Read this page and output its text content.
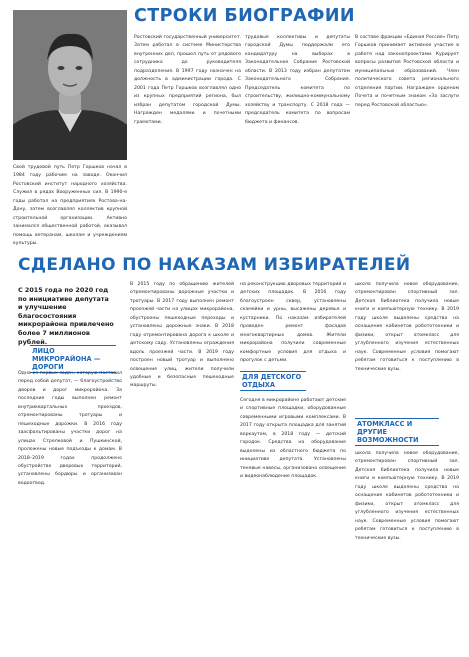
СТРОКИ БИОГРАФИИ

Свой трудовой путь Петр Горшков начал в 1984 году рабочим на заводе. Окончил Ростовский институт народного хозяйства. Служил в рядах Вооруженных сил. В 1990-е годы работал на предприятиях Ростова-на-Дону, затем возглавлял коллектив крупной строительной организации. Активно занимался общественной работой, оказывал помощь ветеранам, школам и учреждениям культуры.

Ростовский государственный университет. Затем работал в системе Министерства внутренних дел, прошел путь от рядового сотрудника до руководителя подразделения. В 1997 году назначен на должность в администрации города. С 2001 года Петр Горшков возглавлял одно из крупных предприятий региона, был избран депутатом городской Думы. Награжден медалями и почетными грамотами.

трудовые коллективы и депутаты городской Думы поддержали его кандидатуру на выборах в Законодательное Собрание Ростовской области. В 2013 году избран депутатом Законодательного Собрания. Председатель комитета по строительству, жилищно-коммунальному хозяйству и транспорту. С 2018 года — председатель комитета по вопросам бюджета и финансов.

В составе фракции «Единая Россия» Петр Горшков принимает активное участие в работе над законопроектами. Курирует вопросы развития Ростовской области и муниципальных образований. Член политического совета регионального отделения партии. Награжден орденом Почета и почетным знаком «За заслуги перед Ростовской областью».

СДЕЛАНО ПО НАКАЗАМ ИЗБИРАТЕЛЕЙ

С 2015 года по 2020 год по инициативе депутата и улучшение благосостояния микрорайона привлечено более 7 миллионов рублей.

ЛИЦО МИКРОРАЙОНА — ДОРОГИ

Одна из первых задач, которую поставил перед собой депутат, — благоустройство дворов и дорог микрорайона. За последние годы выполнен ремонт внутриквартальных проездов, отремонтированы тротуары и пешеходные дорожки. В 2016 году заасфальтированы участки дорог на улицах Стрелковой и Пушкинской, проложены новые подъезды к домам. В 2018–2019 годах продолжено обустройство дворовых территорий, установлены бордюры и организован водоотвод.

В 2015 году по обращению жителей отремонтированы дорожные участки и тротуары. В 2017 году выполнен ремонт проезжей части на улицах микрорайона, обустроены пешеходные переходы и установлены дорожные знаки. В 2018 году отремонтирована дорога к школе и детскому саду. Установлены ограждения вдоль проезжей части. В 2019 году построен новый тротуар и выполнено освещение улиц, жители получили удобные и безопасные пешеходные маршруты.

на реконструкцию дворовых территорий и детских площадок. В 2016 году благоустроен сквер, установлены скамейки и урны, высажены деревья и кустарники. По наказам избирателей проведен ремонт фасадов многоквартирных домов. Жители микрорайона получили современные комфортные условия для отдыха и прогулок с детьми.

ДЛЯ ДЕТСКОГО ОТДЫХА

Сегодня в микрорайоне работают детские и спортивные площадки, оборудованные современными игровыми комплексами. В 2017 году открыта площадка для занятий воркаутом, в 2018 году — детский городок. Средства на оборудование выделены из областного бюджета по инициативе депутата. Установлены теневые навесы, организовано освещение и видеонаблюдение площадок.

школа получила новое оборудование, отремонтирован спортивный зал. Детская библиотека получила новые книги и компьютерную технику. В 2019 году школе выделены средства на оснащение кабинетов робототехники и физики, открыт атомкласс для углубленного изучения естественных наук. Современные условия помогают ребятам готовиться к поступлению в технические вузы.

АТОМКЛАСС И ДРУГИЕ ВОЗМОЖНОСТИ

школа получила новое оборудование, отремонтирован спортивный зал. Детская библиотека получила новые книги и компьютерную технику. В 2019 году школе выделены средства на оснащение кабинетов робототехники и физики, открыт атомкласс для углубленного изучения естественных наук. Современные условия помогают ребятам готовиться к поступлению в технические вузы.
